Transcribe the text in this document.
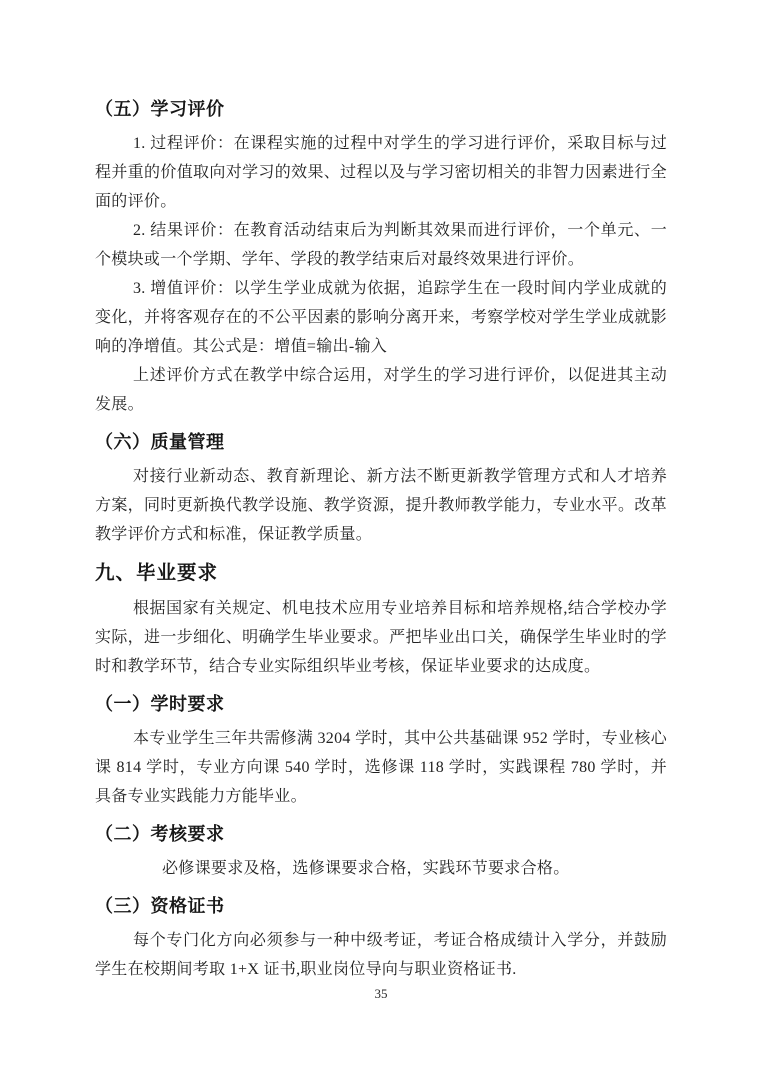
（五）学习评价

1. 过程评价：在课程实施的过程中对学生的学习进行评价，采取目标与过程并重的价值取向对学习的效果、过程以及与学习密切相关的非智力因素进行全面的评价。

2. 结果评价：在教育活动结束后为判断其效果而进行评价，一个单元、一个模块或一个学期、学年、学段的教学结束后对最终效果进行评价。

3. 增值评价：以学生学业成就为依据，追踪学生在一段时间内学业成就的变化，并将客观存在的不公平因素的影响分离开来，考察学校对学生学业成就影响的净增值。其公式是：增值=输出-输入

上述评价方式在教学中综合运用，对学生的学习进行评价，以促进其主动发展。

（六）质量管理

对接行业新动态、教育新理论、新方法不断更新教学管理方式和人才培养方案，同时更新换代教学设施、教学资源，提升教师教学能力，专业水平。改革教学评价方式和标准，保证教学质量。

九、毕业要求

根据国家有关规定、机电技术应用专业培养目标和培养规格,结合学校办学实际，进一步细化、明确学生毕业要求。严把毕业出口关，确保学生毕业时的学时和教学环节，结合专业实际组织毕业考核，保证毕业要求的达成度。

（一）学时要求

本专业学生三年共需修满 3204 学时，其中公共基础课 952 学时，专业核心课 814 学时，专业方向课 540 学时，选修课 118 学时，实践课程 780 学时，并具备专业实践能力方能毕业。

（二）考核要求

必修课要求及格，选修课要求合格，实践环节要求合格。

（三）资格证书

每个专门化方向必须参与一种中级考证，考证合格成绩计入学分，并鼓励学生在校期间考取 1+X 证书,职业岗位导向与职业资格证书.

35
